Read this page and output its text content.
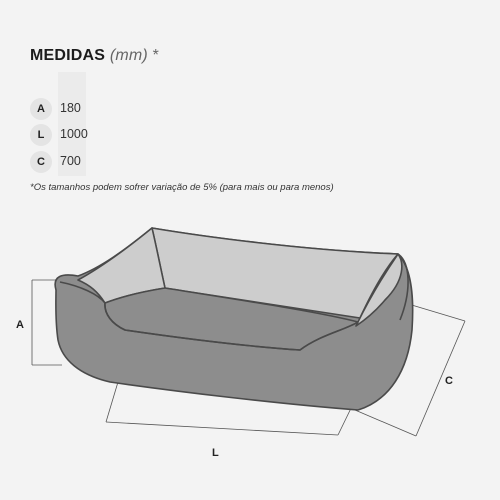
MEDIDAS (mm) *
A	180
L	1000
C	700
*Os tamanhos podem sofrer variação de 5% (para mais ou para menos)
A
L
C
